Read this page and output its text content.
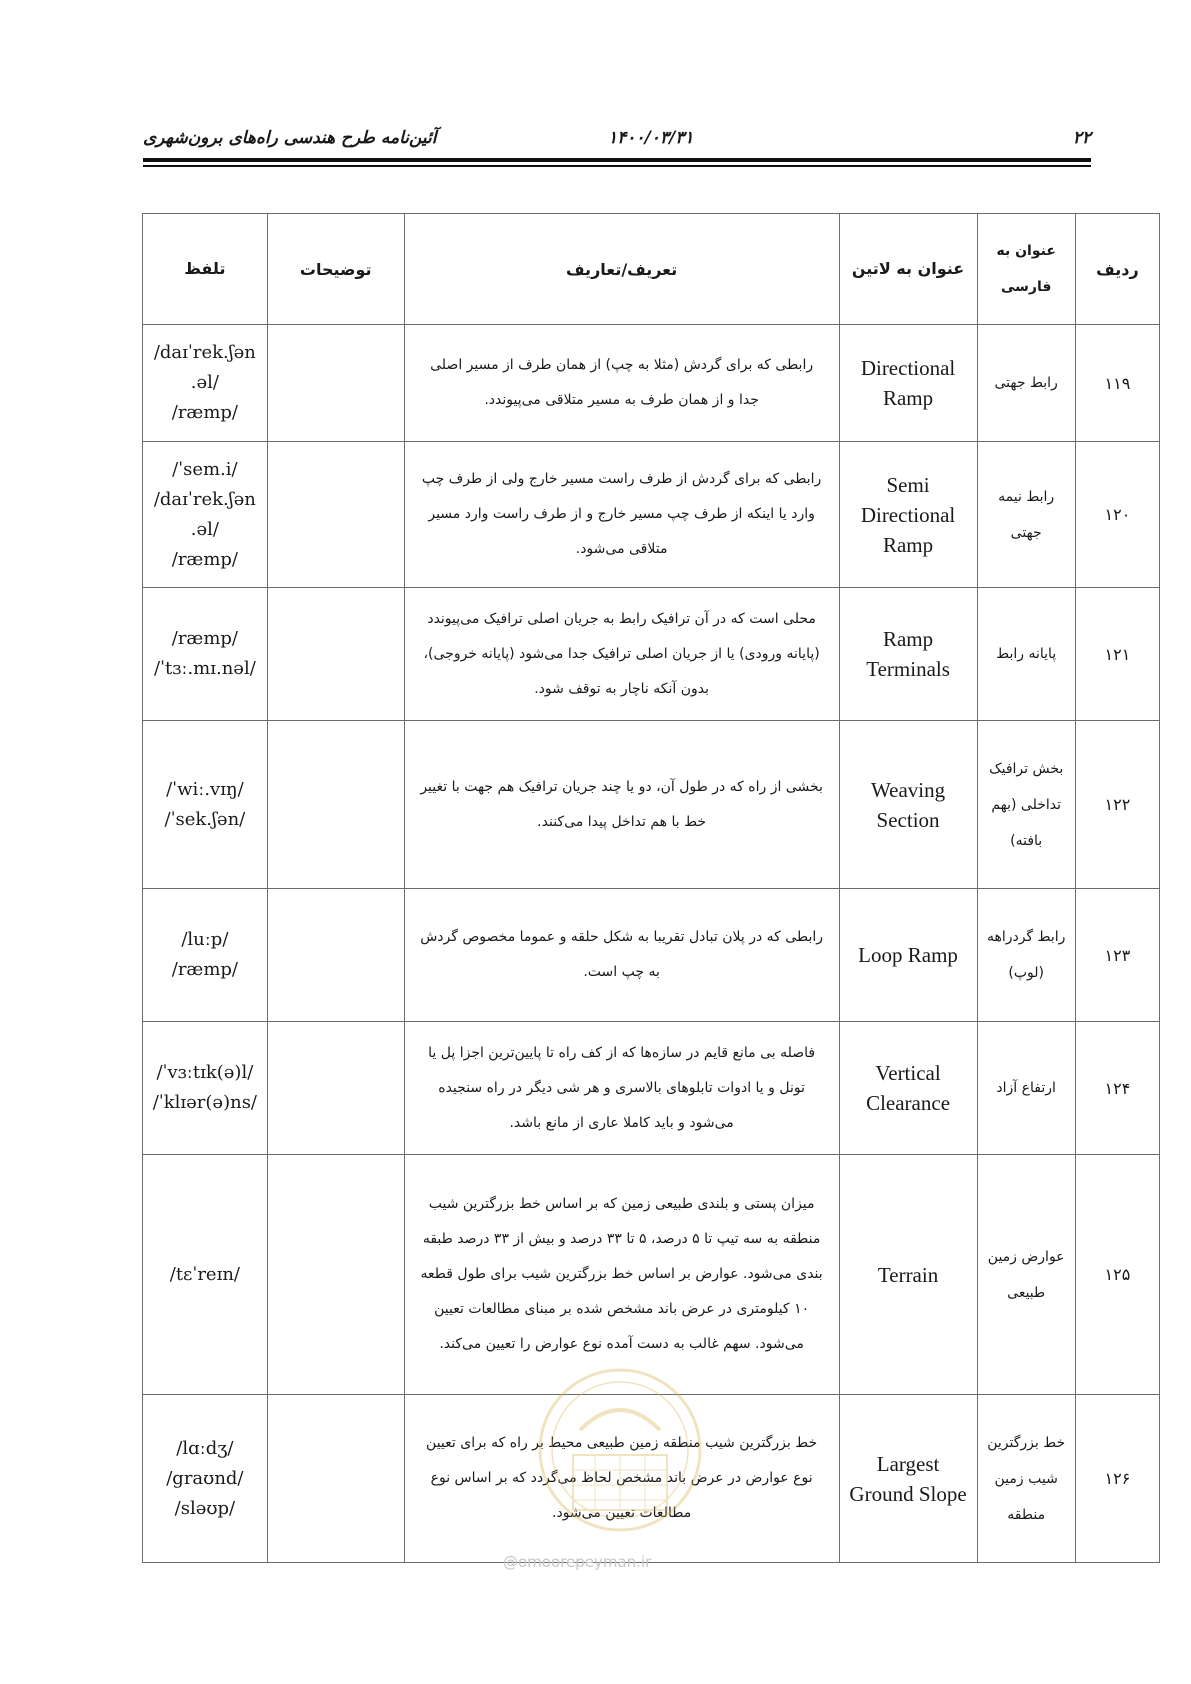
آئین‌نامه طرح هندسی راه‌های برون‌شهری	۱۴۰۰/۰۳/۳۱	۲۲
ردیف	عنوان به فارسی	عنوان به لاتین	تعریف/تعاریف	توضیحات	تلفظ
۱۱۹	رابط جهتی	Directional Ramp	رابطی که برای گردش (مثلا به چپ) از همان طرف از مسیر اصلی جدا و از همان طرف به مسیر متلاقی می‌پیوندد.		/daɪˈrek.ʃən
.əl/
/ræmp/

۱۲۰	رابط نیمه جهتی	Semi Directional Ramp	رابطی که برای گردش از طرف راست مسیر خارج ولی از طرف چپ وارد یا اینکه از طرف چپ مسیر خارج و از طرف راست وارد مسیر متلاقی می‌شود.		/ˈsem.i/
/daɪˈrek.ʃən
.əl/
/ræmp/

۱۲۱	پایانه رابط	Ramp Terminals	محلی است که در آن ترافیک رابط به جریان اصلی ترافیک می‌پیوندد (پایانه ورودی) یا از جریان اصلی ترافیک جدا می‌شود (پایانه خروجی)، بدون آنکه ناچار به توقف شود.		/ræmp/
/ˈtɜː.mɪ.nəl/

۱۲۲	بخش ترافیک تداخلی (بهم بافته)	Weaving Section	بخشی از راه که در طول آن، دو یا چند جریان ترافیک هم جهت با تغییر خط با هم تداخل پیدا می‌کنند.		/ˈwiː.vɪŋ/
/ˈsek.ʃən/

۱۲۳	رابط گردراهه (لوپ)	Loop Ramp	رابطی که در پلان تبادل تقریبا به شکل حلقه و عموما مخصوص گردش به چپ است.		/luːp/
/ræmp/

۱۲۴	ارتفاع آزاد	Vertical Clearance	فاصله بی مانع قایم در سازه‌ها که از کف راه تا پایین‌ترین اجزا پل یا تونل و یا ادوات تابلوهای بالاسری و هر شی دیگر در راه سنجیده می‌شود و باید کاملا عاری از مانع باشد.		/ˈvɜːtɪk(ə)l/
/ˈklɪər(ə)ns/

۱۲۵	عوارض زمین طبیعی	Terrain	میزان پستی و بلندی طبیعی زمین که بر اساس خط بزرگترین شیب منطقه به سه تیپ تا ۵ درصد، ۵ تا ۳۳ درصد و بیش از ۳۳ درصد طبقه بندی می‌شود. عوارض بر اساس خط بزرگترین شیب برای طول قطعه ۱۰ کیلومتری در عرض باند مشخص شده بر مبنای مطالعات تعیین می‌شود. سهم غالب به دست آمده نوع عوارض را تعیین می‌کند.		/tɛˈreɪn/

۱۲۶	خط بزرگترین شیب زمین منطقه	Largest Ground Slope	خط بزرگترین شیب منطقه زمین طبیعی محیط بر راه که برای تعیین نوع عوارض در عرض باند مشخص لحاظ می‌گردد که بر اساس نوع مطالعات تعیین می‌شود.		/lɑːdʒ/
/graʊnd/
/sləʊp/
@omoorepeyman.ir
